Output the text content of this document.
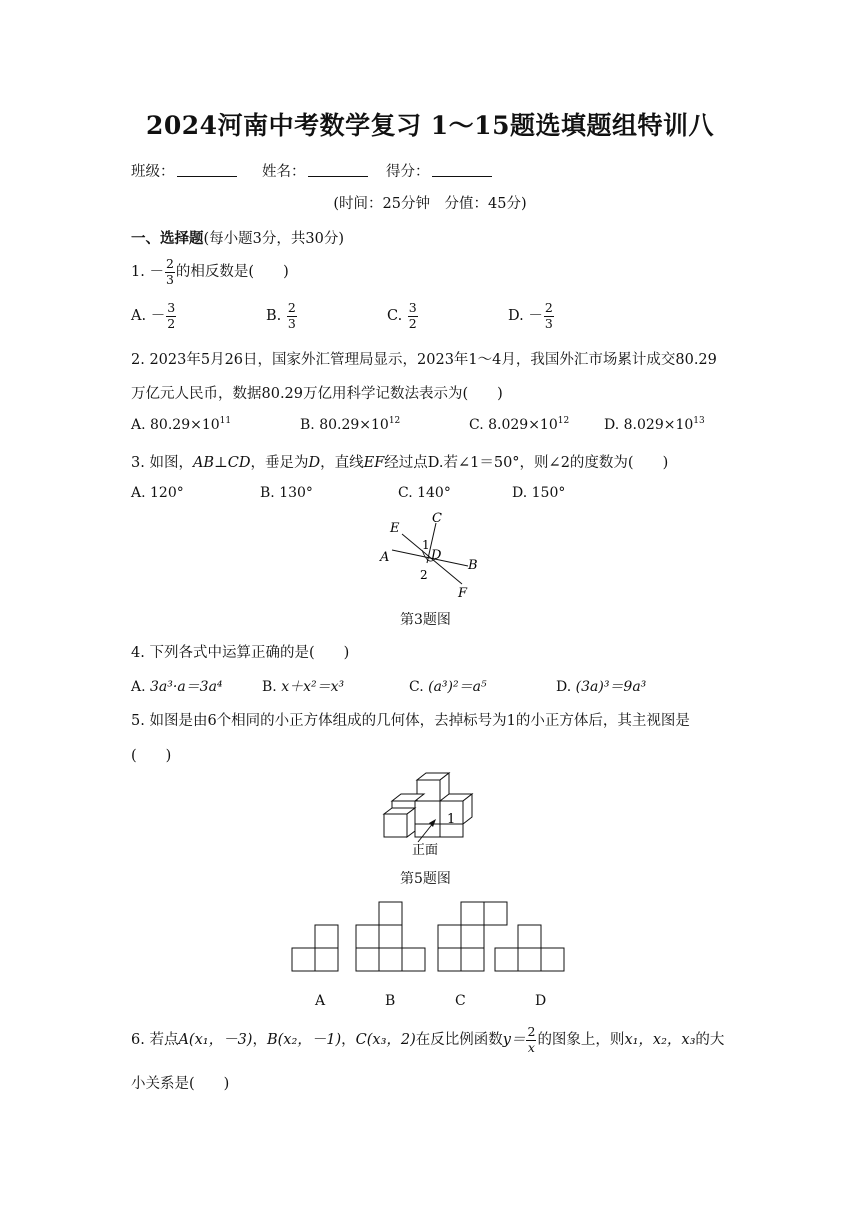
2024河南中考数学复习 1～15题选填题组特训八
班级：	姓名：	得分：
(时间：25分钟　分值：45分)
一、选择题(每小题3分，共30分)
1. － $\frac{2}{3}$ 的相反数是(　　)
A. － $\frac{3}{2}$	B. $\frac{2}{3}$	C. $\frac{3}{2}$	D. － $\frac{2}{3}$
2. 2023年5月26日，国家外汇管理局显示，2023年1～4月，我国外汇市场累计成交80.29
万亿元人民币，数据80.29万亿用科学记数法表示为(　　)
A. $80.29\times 10^{11}$	B. $80.29\times 10^{12}$	C. $8.029\times 10^{12}$ D. $8.029\times 10^{13}$
3. 如图，AB⊥CD，垂足为D，直线EF经过点D.若∠1＝50°，则∠2的度数为(　　)
A. 120°	B. 130°	C. 140°	D. 150°
E
C
A	D
B
F
1
2
第3题图
4. 下列各式中运算正确的是(　　)
A. 3a³·a＝3a⁴	B. x＋x²＝x³	C. (a³)²＝a⁵	D. (3a)³＝9a³
5. 如图是由6个相同的小正方体组成的几何体，去掉标号为1的小正方体后，其主视图是
(　　)
1
正面
第5题图
A	B	C	D
6. 若点A(x₁，－3)，B(x₂，－1)，C(x₃，2)在反比例函数$y= \frac{2}{x}$ 的图象上，则x₁，x₂，x₃的大
小关系是(　　)
